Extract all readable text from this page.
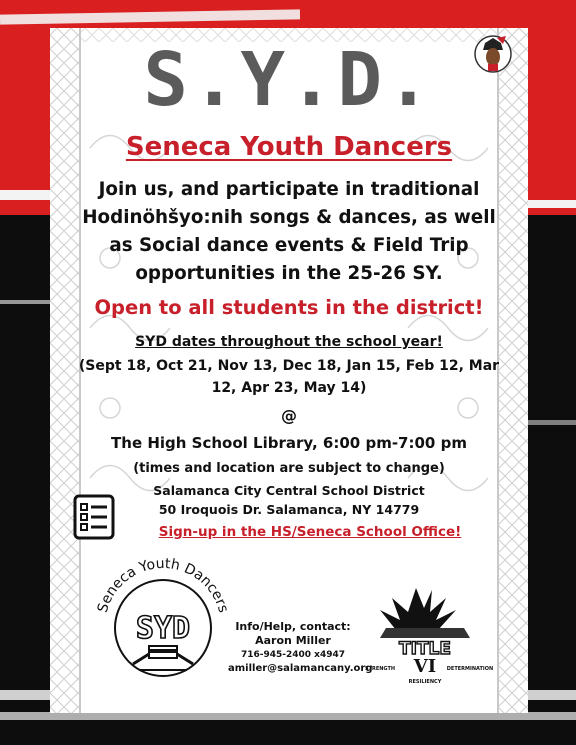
S.Y.D.
Seneca Youth Dancers
Join us, and participate in traditional Hodinöhšyo:nih songs & dances, as well as Social dance events & Field Trip opportunities in the 25-26 SY.
Open to all students in the district!
SYD dates throughout the school year!
(Sept 18, Oct 21, Nov 13, Dec 18, Jan 15, Feb 12, Mar 12, Apr 23, May 14)
@
The High School Library, 6:00 pm-7:00 pm
(times and location are subject to change)
Salamanca City Central School District
50 Iroquois Dr. Salamanca, NY 14779
Sign-up in the HS/Seneca School Office!
Seneca Youth Dancers
SYD	Info/Help, contact:
Aaron Miller
716-945-2400 x4947
amiller@salamancany.org
TITLE
VI
STRENGTH	DETERMINATION
RESILIENCY
